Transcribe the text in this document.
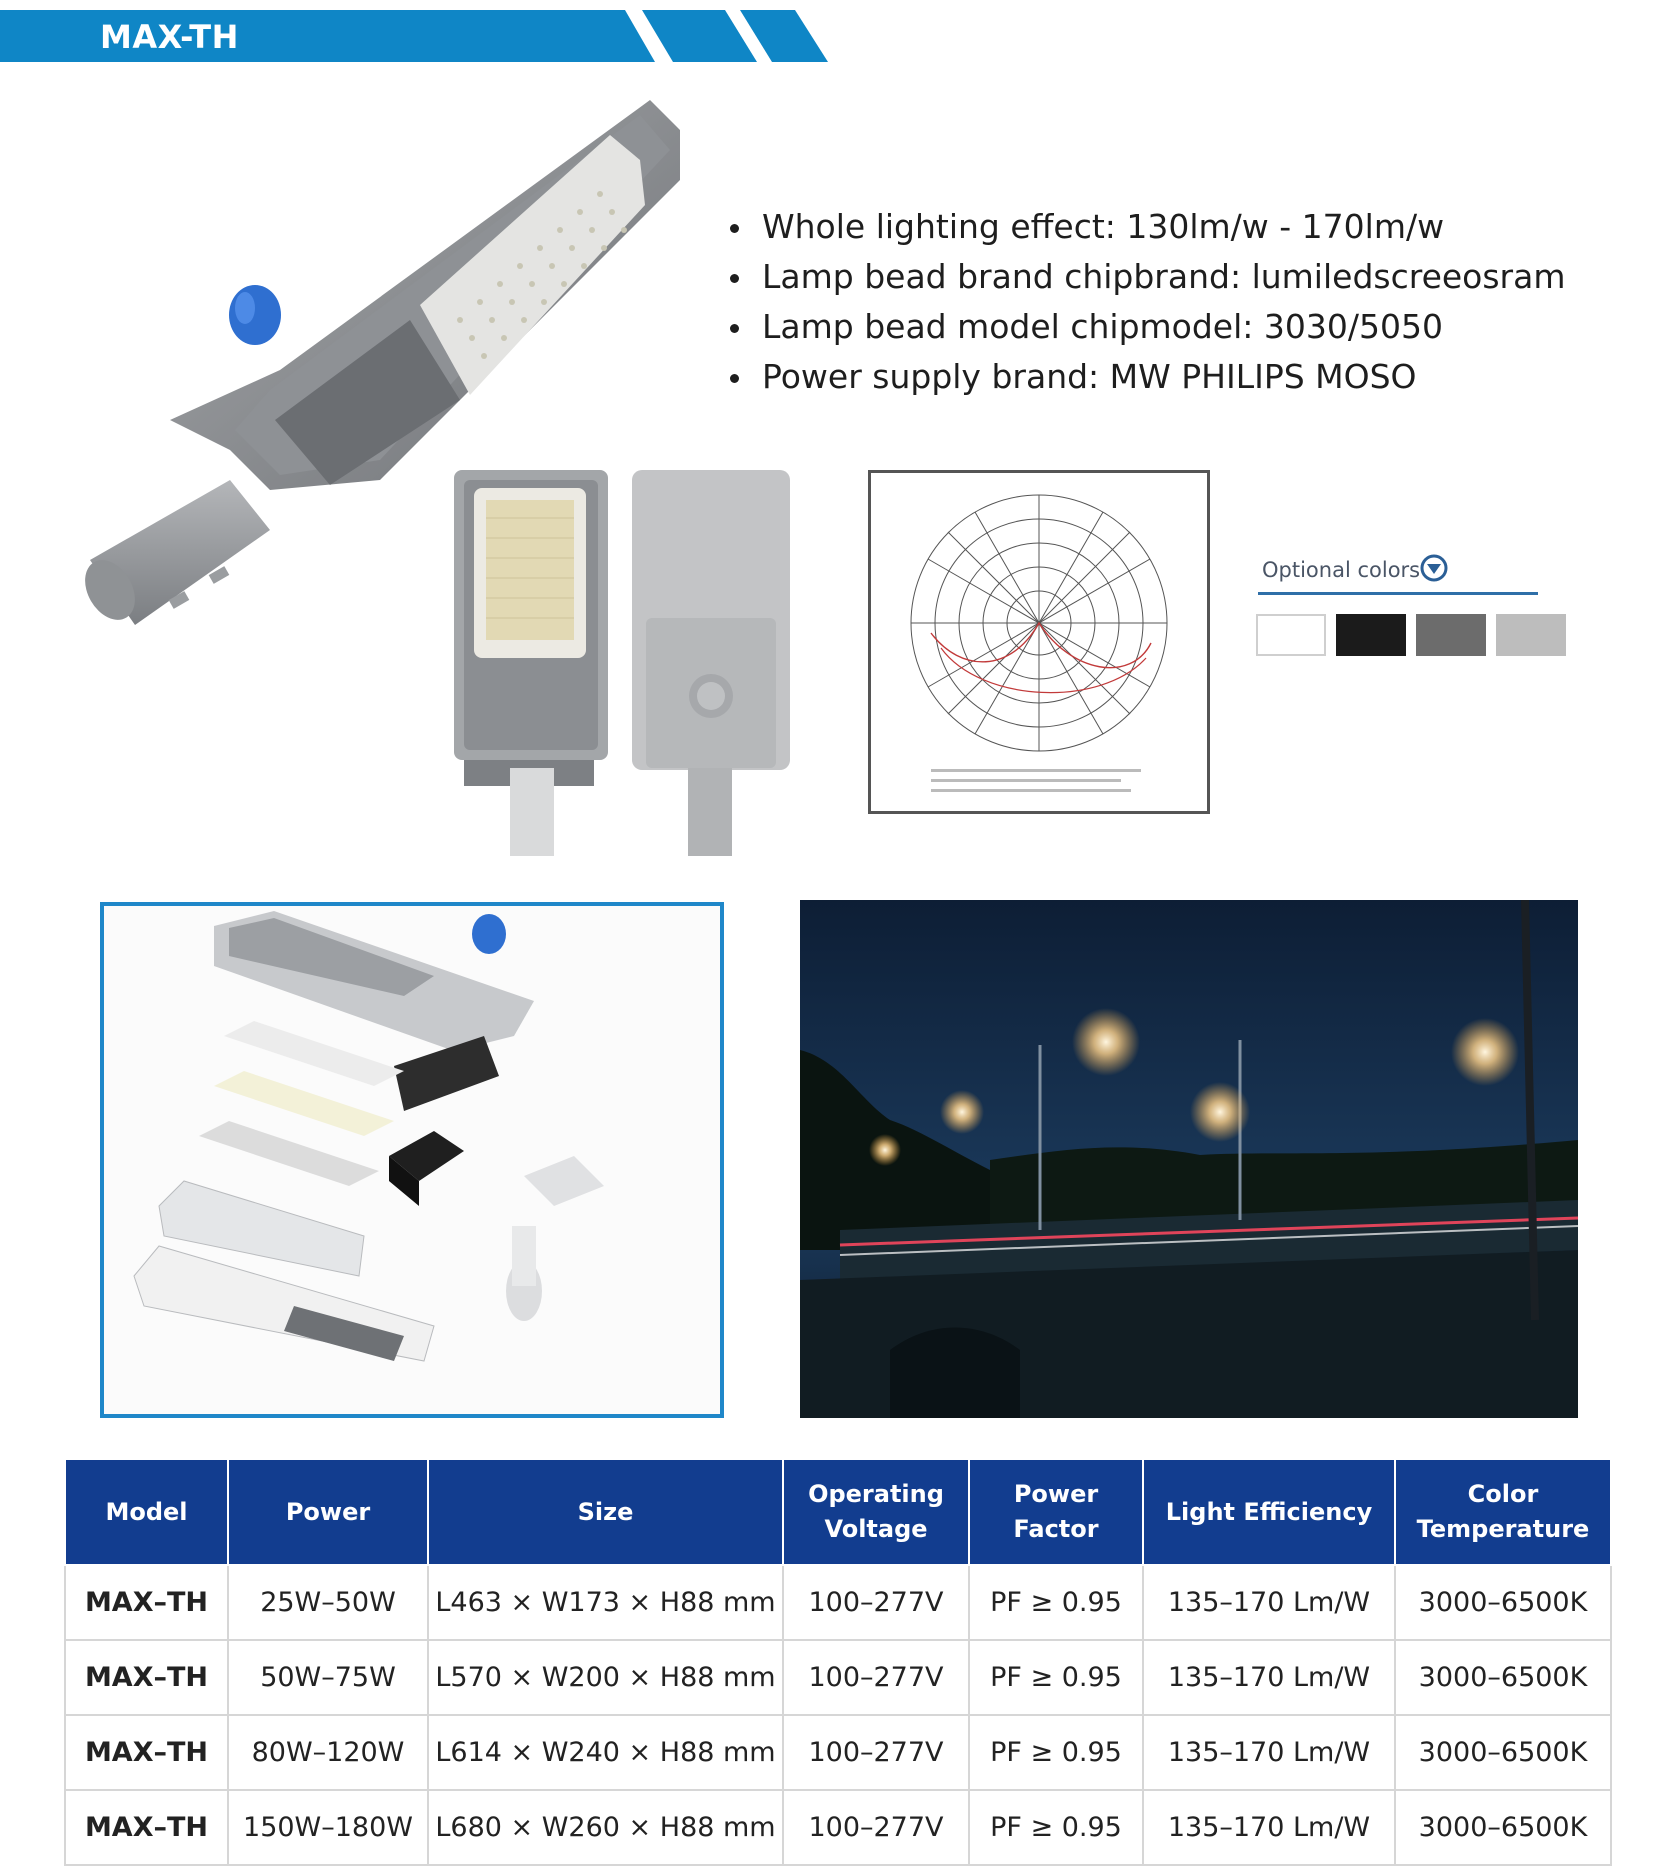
MAX-TH
Whole lighting effect: 130lm/w - 170lm/w
Lamp bead brand chipbrand: lumiledscreeosram
Lamp bead model chipmodel: 3030/5050
Power supply brand: MW PHILIPS MOSO
Optional colors
Model	Power	Size	Operating Voltage	Power Factor	Light Efficiency	Color Temperature
MAX–TH	25W–50W	L463 × W173 × H88 mm	100–277V	PF ≥ 0.95	135–170 Lm/W	3000–6500K
MAX–TH	50W–75W	L570 × W200 × H88 mm	100–277V	PF ≥ 0.95	135–170 Lm/W	3000–6500K
MAX–TH	80W–120W	L614 × W240 × H88 mm	100–277V	PF ≥ 0.95	135–170 Lm/W	3000–6500K
MAX–TH	150W–180W	L680 × W260 × H88 mm	100–277V	PF ≥ 0.95	135–170 Lm/W	3000–6500K
